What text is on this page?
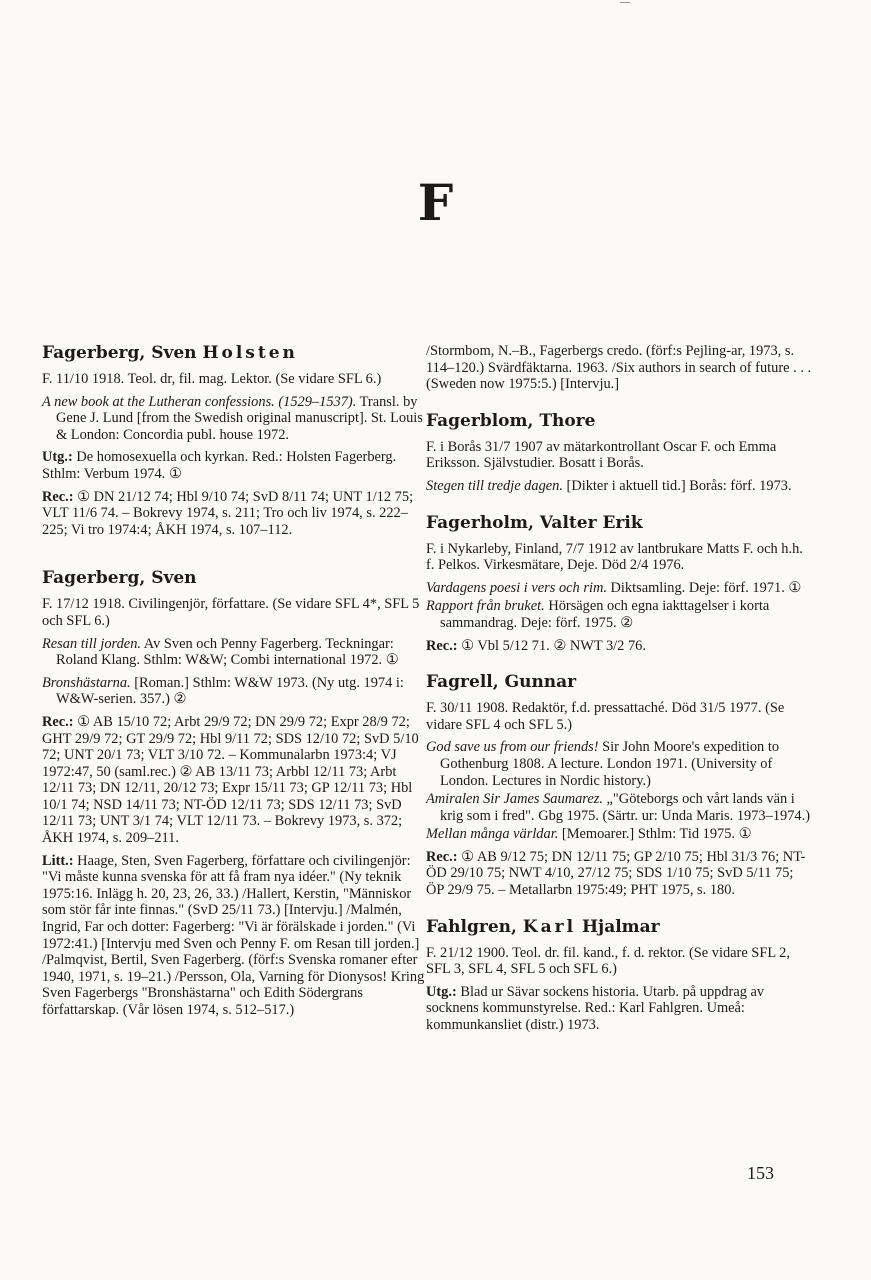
F
Fagerberg, Sven Holsten

F. 11/10 1918. Teol. dr, fil. mag. Lektor. (Se vidare SFL 6.)

A new book at the Lutheran confessions. (1529–1537). Transl. by Gene J. Lund [from the Swedish original manuscript]. St. Louis & London: Concordia publ. house 1972.

Utg.: De homosexuella och kyrkan. Red.: Holsten Fagerberg. Sthlm: Verbum 1974. ①

Rec.: ① DN 21/12 74; Hbl 9/10 74; SvD 8/11 74; UNT 1/12 75; VLT 11/6 74. – Bokrevy 1974, s. 211; Tro och liv 1974, s. 222–225; Vi tro 1974:4; ÅKH 1974, s. 107–112.

Fagerberg, Sven

F. 17/12 1918. Civilingenjör, författare. (Se vidare SFL 4*, SFL 5 och SFL 6.)

Resan till jorden. Av Sven och Penny Fagerberg. Teckningar: Roland Klang. Sthlm: W&W; Combi international 1972. ①

Bronshästarna. [Roman.] Sthlm: W&W 1973. (Ny utg. 1974 i: W&W-serien. 357.) ②

Rec.: ① AB 15/10 72; Arbt 29/9 72; DN 29/9 72; Expr 28/9 72; GHT 29/9 72; GT 29/9 72; Hbl 9/11 72; SDS 12/10 72; SvD 5/10 72; UNT 20/1 73; VLT 3/10 72. – Kommunalarbn 1973:4; VJ 1972:47, 50 (saml.rec.) ② AB 13/11 73; Arbbl 12/11 73; Arbt 12/11 73; DN 12/11, 20/12 73; Expr 15/11 73; GP 12/11 73; Hbl 10/1 74; NSD 14/11 73; NT-ÖD 12/11 73; SDS 12/11 73; SvD 12/11 73; UNT 3/1 74; VLT 12/11 73. – Bokrevy 1973, s. 372; ÅKH 1974, s. 209–211.

Litt.: Haage, Sten, Sven Fagerberg, författare och civilingenjör: "Vi måste kunna svenska för att få fram nya idéer." (Ny teknik 1975:16. Inlägg h. 20, 23, 26, 33.) /Hallert, Kerstin, "Människor som stör får inte finnas." (SvD 25/11 73.) [Intervju.] /Malmén, Ingrid, Far och dotter: Fagerberg: "Vi är förälskade i jorden." (Vi 1972:41.) [Intervju med Sven och Penny F. om Resan till jorden.] /Palmqvist, Bertil, Sven Fagerberg. (förf:s Svenska romaner efter 1940, 1971, s. 19–21.) /Persson, Ola, Varning för Dionysos! Kring Sven Fagerbergs "Bronshästarna" och Edith Södergrans författarskap. (Vår lösen 1974, s. 512–517.)

/Stormbom, N.–B., Fagerbergs credo. (förf:s Pejling-ar, 1973, s. 114–120.) Svärdfäktarna. 1963. /Six authors in search of future . . . (Sweden now 1975:5.) [Intervju.]

Fagerblom, Thore

F. i Borås 31/7 1907 av mätarkontrollant Oscar F. och Emma Eriksson. Självstudier. Bosatt i Borås.

Stegen till tredje dagen. [Dikter i aktuell tid.] Borås: förf. 1973.

Fagerholm, Valter Erik

F. i Nykarleby, Finland, 7/7 1912 av lantbrukare Matts F. och h.h. f. Pelkos. Virkesmätare, Deje. Död 2/4 1976.

Vardagens poesi i vers och rim. Diktsamling. Deje: förf. 1971. ①

Rapport från bruket. Hörsägen och egna iakttagelser i korta sammandrag. Deje: förf. 1975. ②

Rec.: ① Vbl 5/12 71. ② NWT 3/2 76.

Fagrell, Gunnar

F. 30/11 1908. Redaktör, f.d. pressattaché. Död 31/5 1977. (Se vidare SFL 4 och SFL 5.)

God save us from our friends! Sir John Moore's expedition to Gothenburg 1808. A lecture. London 1971. (University of London. Lectures in Nordic history.)

Amiralen Sir James Saumarez. „"Göteborgs och vårt lands vän i krig som i fred". Gbg 1975. (Särtr. ur: Unda Maris. 1973–1974.)

Mellan många världar. [Memoarer.] Sthlm: Tid 1975. ①

Rec.: ① AB 9/12 75; DN 12/11 75; GP 2/10 75; Hbl 31/3 76; NT-ÖD 29/10 75; NWT 4/10, 27/12 75; SDS 1/10 75; SvD 5/11 75; ÖP 29/9 75. – Metallarbn 1975:49; PHT 1975, s. 180.

Fahlgren, Karl Hjalmar

F. 21/12 1900. Teol. dr. fil. kand., f. d. rektor. (Se vidare SFL 2, SFL 3, SFL 4, SFL 5 och SFL 6.)

Utg.: Blad ur Sävar sockens historia. Utarb. på uppdrag av socknens kommunstyrelse. Red.: Karl Fahlgren. Umeå: kommunkansliet (distr.) 1973.

153
